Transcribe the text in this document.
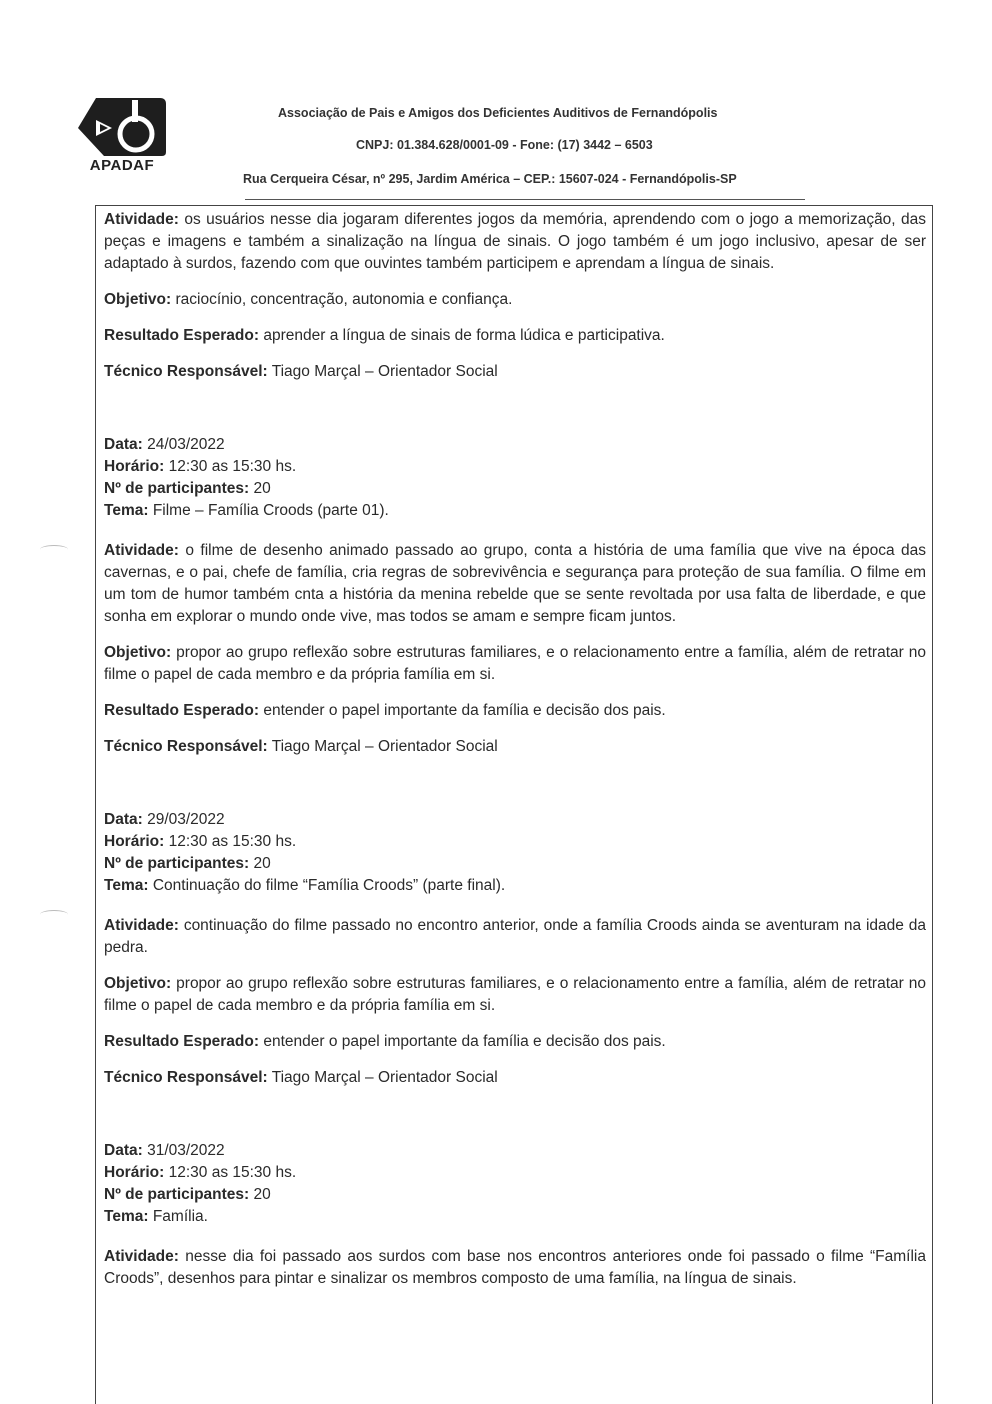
APADAF
Associação de Pais e Amigos dos Deficientes Auditivos de Fernandópolis
CNPJ: 01.384.628/0001-09 - Fone: (17) 3442 – 6503
Rua Cerqueira César, nº 295, Jardim América – CEP.: 15607-024 - Fernandópolis-SP

Atividade: os usuários nesse dia jogaram diferentes jogos da memória, aprendendo com o jogo a memorização, das peças e imagens e também a sinalização na língua de sinais. O jogo também é um jogo inclusivo, apesar de ser adaptado à surdos, fazendo com que ouvintes também participem e aprendam a língua de sinais.

Objetivo: raciocínio, concentração, autonomia e confiança.

Resultado Esperado: aprender a língua de sinais de forma lúdica e participativa.

Técnico Responsável: Tiago Marçal – Orientador Social

Data: 24/03/2022

Horário: 12:30 as 15:30 hs.

Nº de participantes: 20

Tema: Filme – Família Croods (parte 01).

Atividade: o filme de desenho animado passado ao grupo, conta a história de uma família que vive na época das cavernas, e o pai, chefe de família, cria regras de sobrevivência e segurança para proteção de sua família. O filme em um tom de humor também cnta a história da menina rebelde que se sente revoltada por usa falta de liberdade, e que sonha em explorar o mundo onde vive, mas todos se amam e sempre ficam juntos.

Objetivo: propor ao grupo reflexão sobre estruturas familiares, e o relacionamento entre a família, além de retratar no filme o papel de cada membro e da própria família em si.

Resultado Esperado: entender o papel importante da família e decisão dos pais.

Técnico Responsável: Tiago Marçal – Orientador Social

Data: 29/03/2022

Horário: 12:30 as 15:30 hs.

Nº de participantes: 20

Tema: Continuação do filme “Família Croods” (parte final).

Atividade: continuação do filme passado no encontro anterior, onde a família Croods ainda se aventuram na idade da pedra.

Objetivo: propor ao grupo reflexão sobre estruturas familiares, e o relacionamento entre a família, além de retratar no filme o papel de cada membro e da própria família em si.

Resultado Esperado: entender o papel importante da família e decisão dos pais.

Técnico Responsável: Tiago Marçal – Orientador Social

Data: 31/03/2022

Horário: 12:30 as 15:30 hs.

Nº de participantes: 20

Tema: Família.

Atividade: nesse dia foi passado aos surdos com base nos encontros anteriores onde foi passado o filme “Família Croods”, desenhos para pintar e sinalizar os membros composto de uma família, na língua de sinais.
